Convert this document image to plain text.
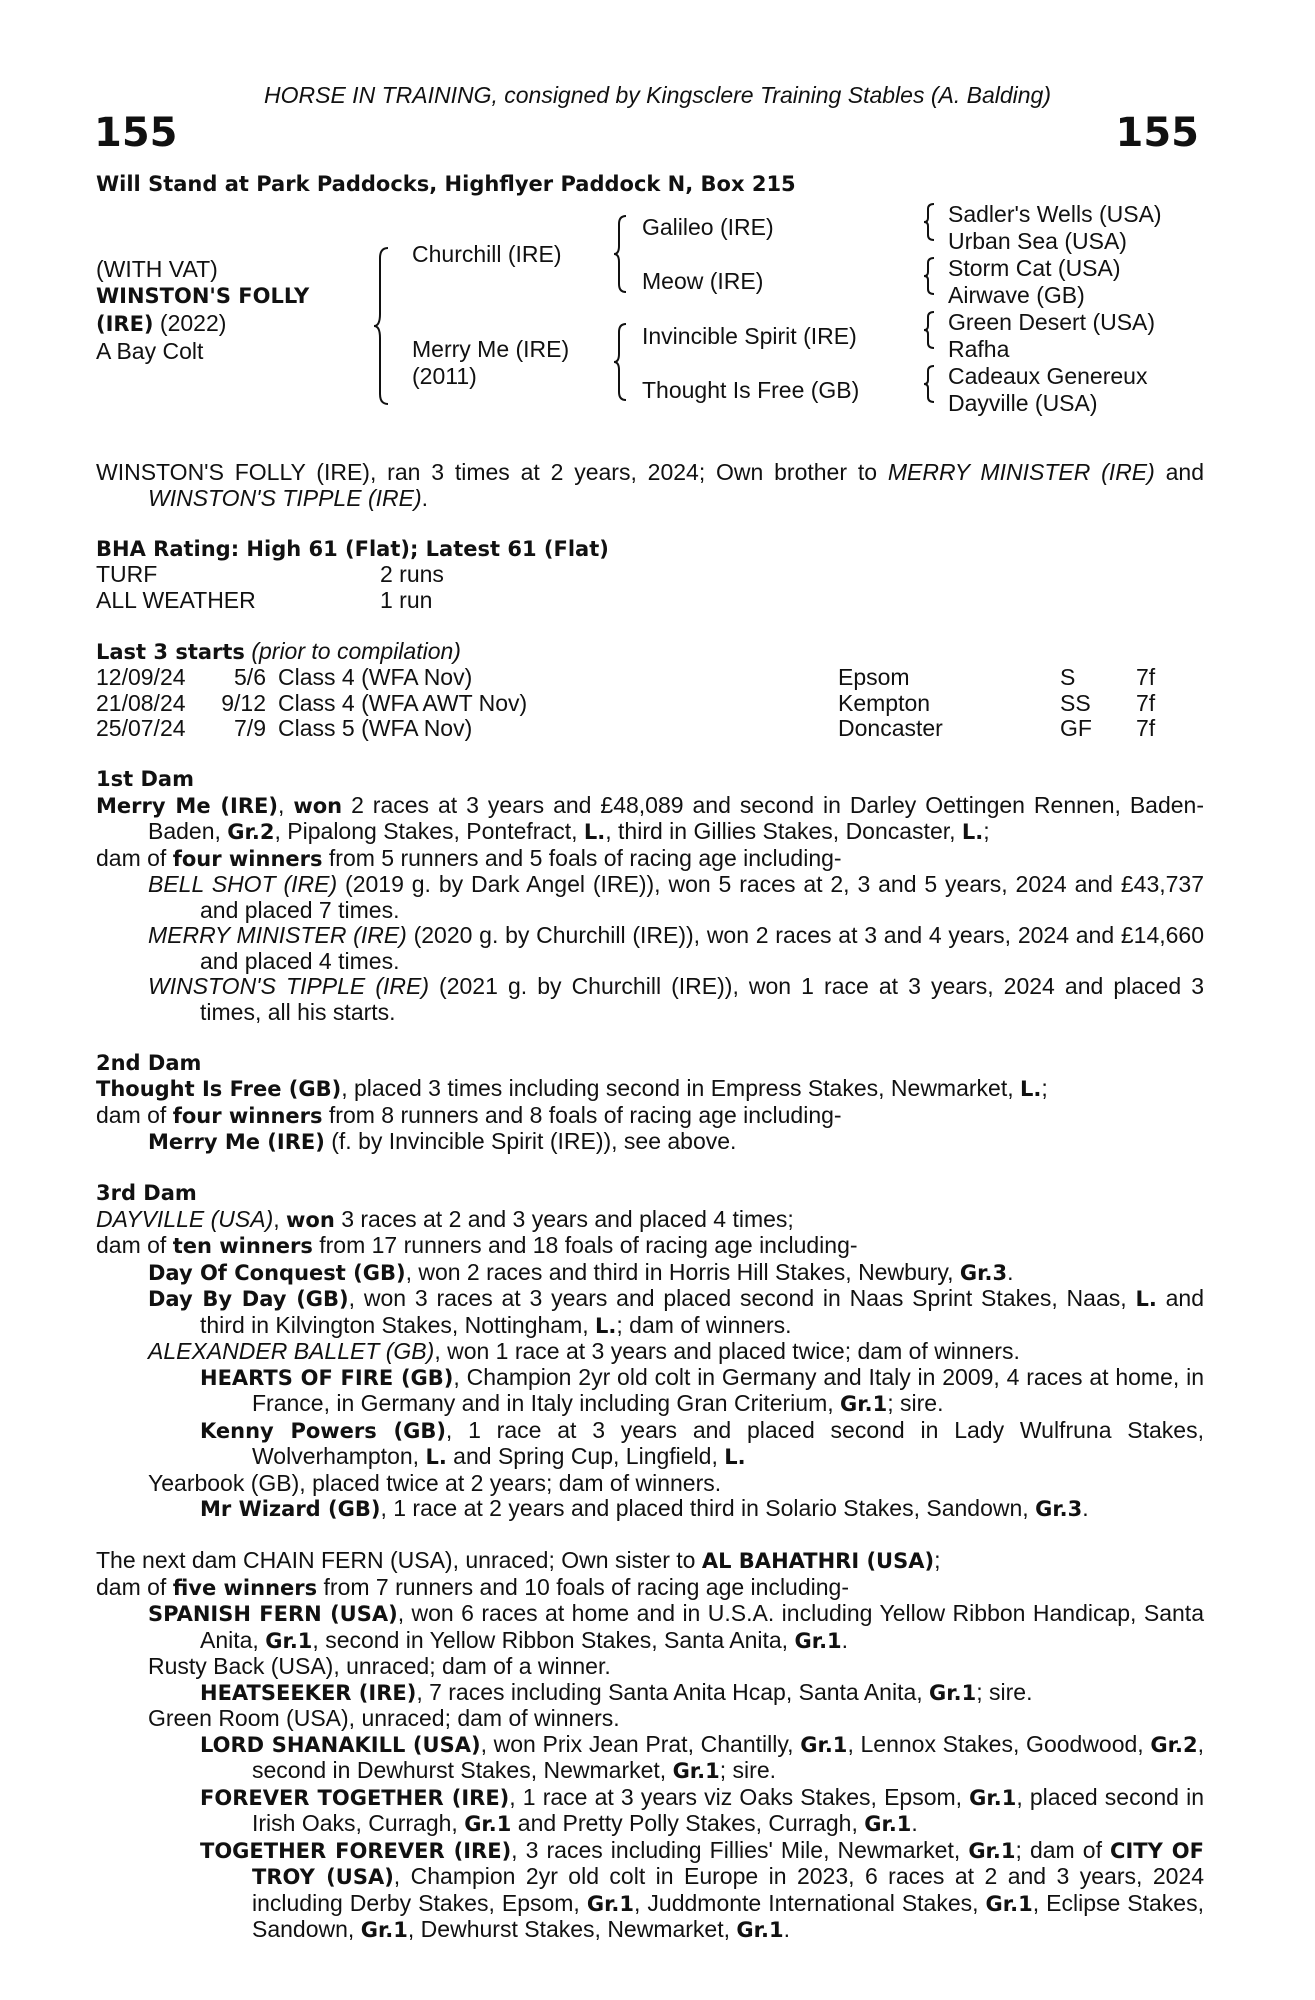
HORSE IN TRAINING, consigned by Kingsclere Training Stables (A. Balding)
155	155
Will Stand at Park Paddocks, Highflyer Paddock N, Box 215
(WITH VAT)
WINSTON'S FOLLY
(IRE) (2022)
A Bay Colt
Churchill (IRE)
Merry Me (IRE)
(2011)
Galileo (IRE)
Meow (IRE)
Invincible Spirit (IRE)
Thought Is Free (GB)
Sadler's Wells (USA)
Urban Sea (USA)
Storm Cat (USA)
Airwave (GB)
Green Desert (USA)
Rafha
Cadeaux Genereux
Dayville (USA)

WINSTON'S FOLLY (IRE), ran 3 times at 2 years, 2024; Own brother to MERRY MINISTER (IRE) and WINSTON'S TIPPLE (IRE).

BHA Rating: High 61 (Flat); Latest 61 (Flat)

TURF	2 runs
ALL WEATHER	1 run

Last 3 starts (prior to compilation)

12/09/24	5/6 Class 4 (WFA Nov)	Epsom	S	7f
21/08/24	9/12 Class 4 (WFA AWT Nov)	Kempton	SS	7f
25/07/24	7/9 Class 5 (WFA Nov)	Doncaster	GF	7f

1st Dam

Merry Me (IRE), won 2 races at 3 years and £48,089 and second in Darley Oettingen Rennen, Baden-Baden, Gr.2, Pipalong Stakes, Pontefract, L., third in Gillies Stakes, Doncaster, L.;

dam of four winners from 5 runners and 5 foals of racing age including-

BELL SHOT (IRE) (2019 g. by Dark Angel (IRE)), won 5 races at 2, 3 and 5 years, 2024 and £43,737 and placed 7 times.

MERRY MINISTER (IRE) (2020 g. by Churchill (IRE)), won 2 races at 3 and 4 years, 2024 and £14,660 and placed 4 times.

WINSTON'S TIPPLE (IRE) (2021 g. by Churchill (IRE)), won 1 race at 3 years, 2024 and placed 3 times, all his starts.

2nd Dam

Thought Is Free (GB), placed 3 times including second in Empress Stakes, Newmarket, L.;

dam of four winners from 8 runners and 8 foals of racing age including-

Merry Me (IRE) (f. by Invincible Spirit (IRE)), see above.

3rd Dam

DAYVILLE (USA), won 3 races at 2 and 3 years and placed 4 times;

dam of ten winners from 17 runners and 18 foals of racing age including-

Day Of Conquest (GB), won 2 races and third in Horris Hill Stakes, Newbury, Gr.3.

Day By Day (GB), won 3 races at 3 years and placed second in Naas Sprint Stakes, Naas, L. and third in Kilvington Stakes, Nottingham, L.; dam of winners.

ALEXANDER BALLET (GB), won 1 race at 3 years and placed twice; dam of winners.

HEARTS OF FIRE (GB), Champion 2yr old colt in Germany and Italy in 2009, 4 races at home, in France, in Germany and in Italy including Gran Criterium, Gr.1; sire.

Kenny Powers (GB), 1 race at 3 years and placed second in Lady Wulfruna Stakes, Wolverhampton, L. and Spring Cup, Lingfield, L.

Yearbook (GB), placed twice at 2 years; dam of winners.

Mr Wizard (GB), 1 race at 2 years and placed third in Solario Stakes, Sandown, Gr.3.

The next dam CHAIN FERN (USA), unraced; Own sister to AL BAHATHRI (USA);

dam of five winners from 7 runners and 10 foals of racing age including-

SPANISH FERN (USA), won 6 races at home and in U.S.A. including Yellow Ribbon Handicap, Santa Anita, Gr.1, second in Yellow Ribbon Stakes, Santa Anita, Gr.1.

Rusty Back (USA), unraced; dam of a winner.

HEATSEEKER (IRE), 7 races including Santa Anita Hcap, Santa Anita, Gr.1; sire.

Green Room (USA), unraced; dam of winners.

LORD SHANAKILL (USA), won Prix Jean Prat, Chantilly, Gr.1, Lennox Stakes, Goodwood, Gr.2, second in Dewhurst Stakes, Newmarket, Gr.1; sire.

FOREVER TOGETHER (IRE), 1 race at 3 years viz Oaks Stakes, Epsom, Gr.1, placed second in Irish Oaks, Curragh, Gr.1 and Pretty Polly Stakes, Curragh, Gr.1.

TOGETHER FOREVER (IRE), 3 races including Fillies' Mile, Newmarket, Gr.1; dam of CITY OF TROY (USA), Champion 2yr old colt in Europe in 2023, 6 races at 2 and 3 years, 2024 including Derby Stakes, Epsom, Gr.1, Juddmonte International Stakes, Gr.1, Eclipse Stakes, Sandown, Gr.1, Dewhurst Stakes, Newmarket, Gr.1.
